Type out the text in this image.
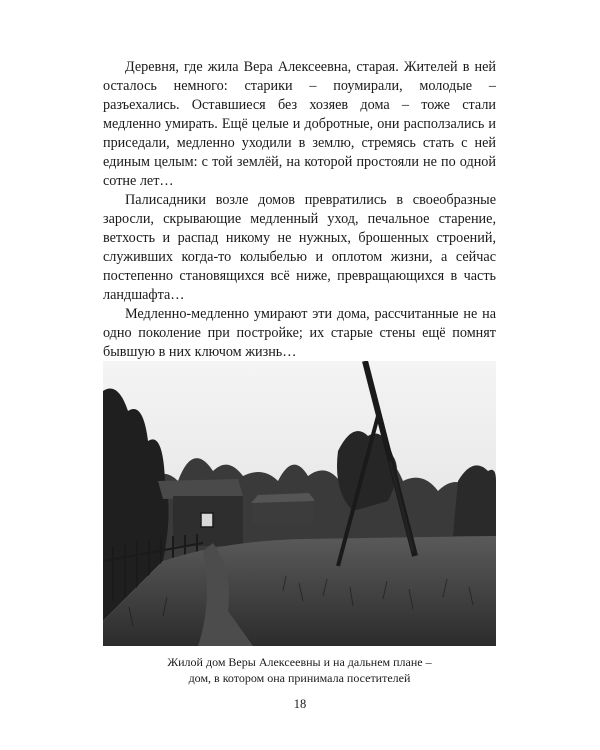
Деревня, где жила Вера Алексеевна, старая. Жителей в ней осталось немного: старики – поумирали, молодые – разъехались. Оставшиеся без хозяев дома – тоже стали медленно умирать. Ещё целые и добротные, они расползались и приседали, медленно уходили в землю, стремясь стать с ней единым целым: с той землёй, на которой простояли не по одной сотне лет…

Палисадники возле домов превратились в своеобразные заросли, скрывающие медленный уход, печальное старение, ветхость и распад никому не нужных, брошенных строений, служивших когда-то колыбелью и оплотом жизни, а сейчас постепенно становящихся всё ниже, превращающихся в часть ландшафта…

Медленно-медленно умирают эти дома, рассчитанные не на одно поколение при постройке; их старые стены ещё помнят бывшую в них ключом жизнь…

Жилой дом Веры Алексеевны и на дальнем плане –
дом, в котором она принимала посетителей
18
